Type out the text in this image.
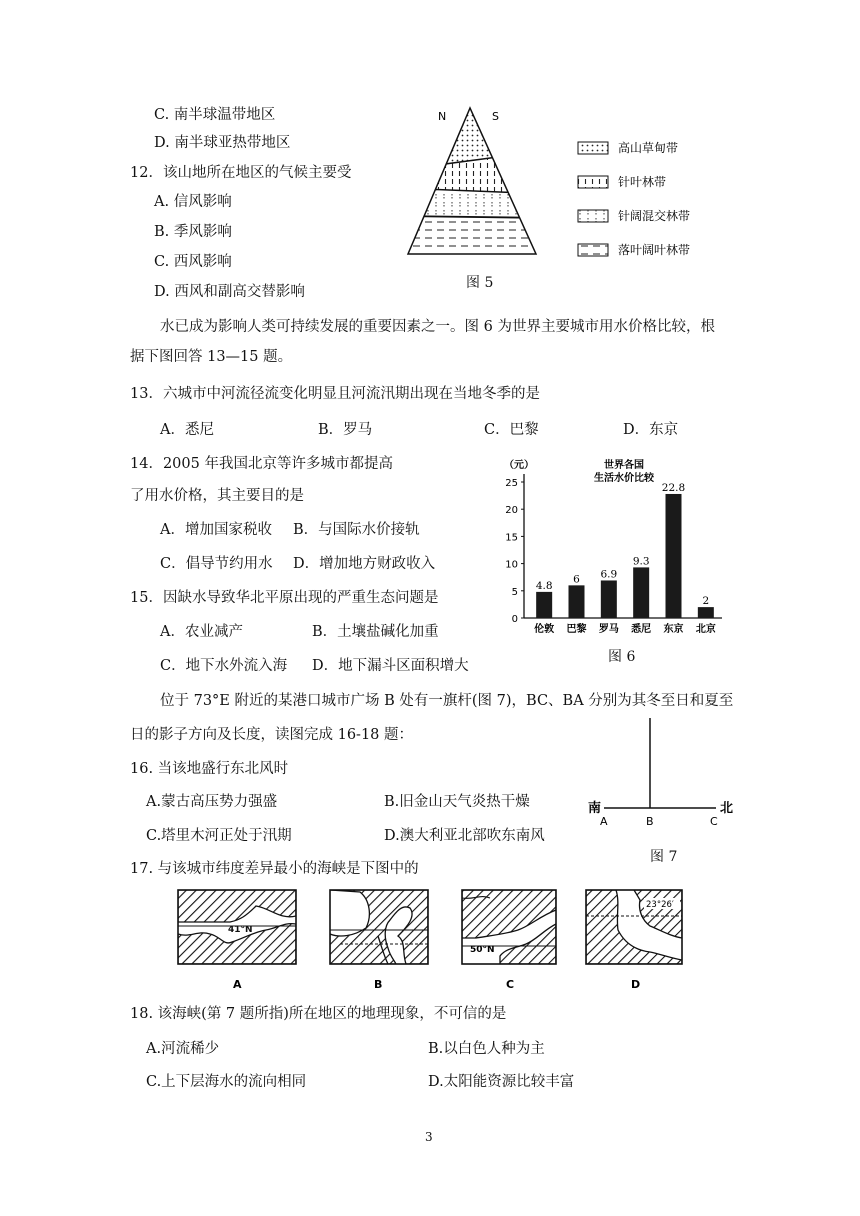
C. 南半球温带地区
D. 南半球亚热带地区
12．该山地所在地区的气候主要受
A. 信风影响
B. 季风影响
C. 西风影响
D. 西风和副高交替影响
N	S
高山草甸带
针叶林带
针阔混交林带
落叶阔叶林带
图 5
水已成为影响人类可持续发展的重要因素之一。图 6 为世界主要城市用水价格比较，根
据下图回答 13—15 题。
13．六城市中河流径流变化明显且河流汛期出现在当地冬季的是
A．悉尼	B．罗马	C．巴黎	D．东京
14．2005 年我国北京等许多城市都提高
了用水价格，其主要目的是
A．增加国家税收 B．与国际水价接轨
C．倡导节约用水 D．增加地方财政收入
15．因缺水导致华北平原出现的严重生态问题是
A．农业减产	B．土壤盐碱化加重
C．地下水外流入海 D．地下漏斗区面积增大
（元）	世界各国
生活水价比较
0
5
10
15
20
25
4.8
伦敦
6
巴黎
6.9
罗马
9.3
悉尼
22.8
东京
2
北京
图 6
位于 73°E 附近的某港口城市广场 B 处有一旗杆(图 7)，BC、BA 分别为其冬至日和夏至
日的影子方向及长度，读图完成 16-18 题：
南	北
A	B	C
图 7
16. 当该地盛行东北风时
A.蒙古高压势力强盛	B.旧金山天气炎热干燥
C.塔里木河正处于汛期	D.澳大利亚北部吹东南风
17. 与该城市纬度差异最小的海峡是下图中的
41°N
A	B
50°N
C
23°26′
D
18. 该海峡(第 7 题所指)所在地区的地理现象，不可信的是
A.河流稀少	B.以白色人种为主
C.上下层海水的流向相同	D.太阳能资源比较丰富
3
